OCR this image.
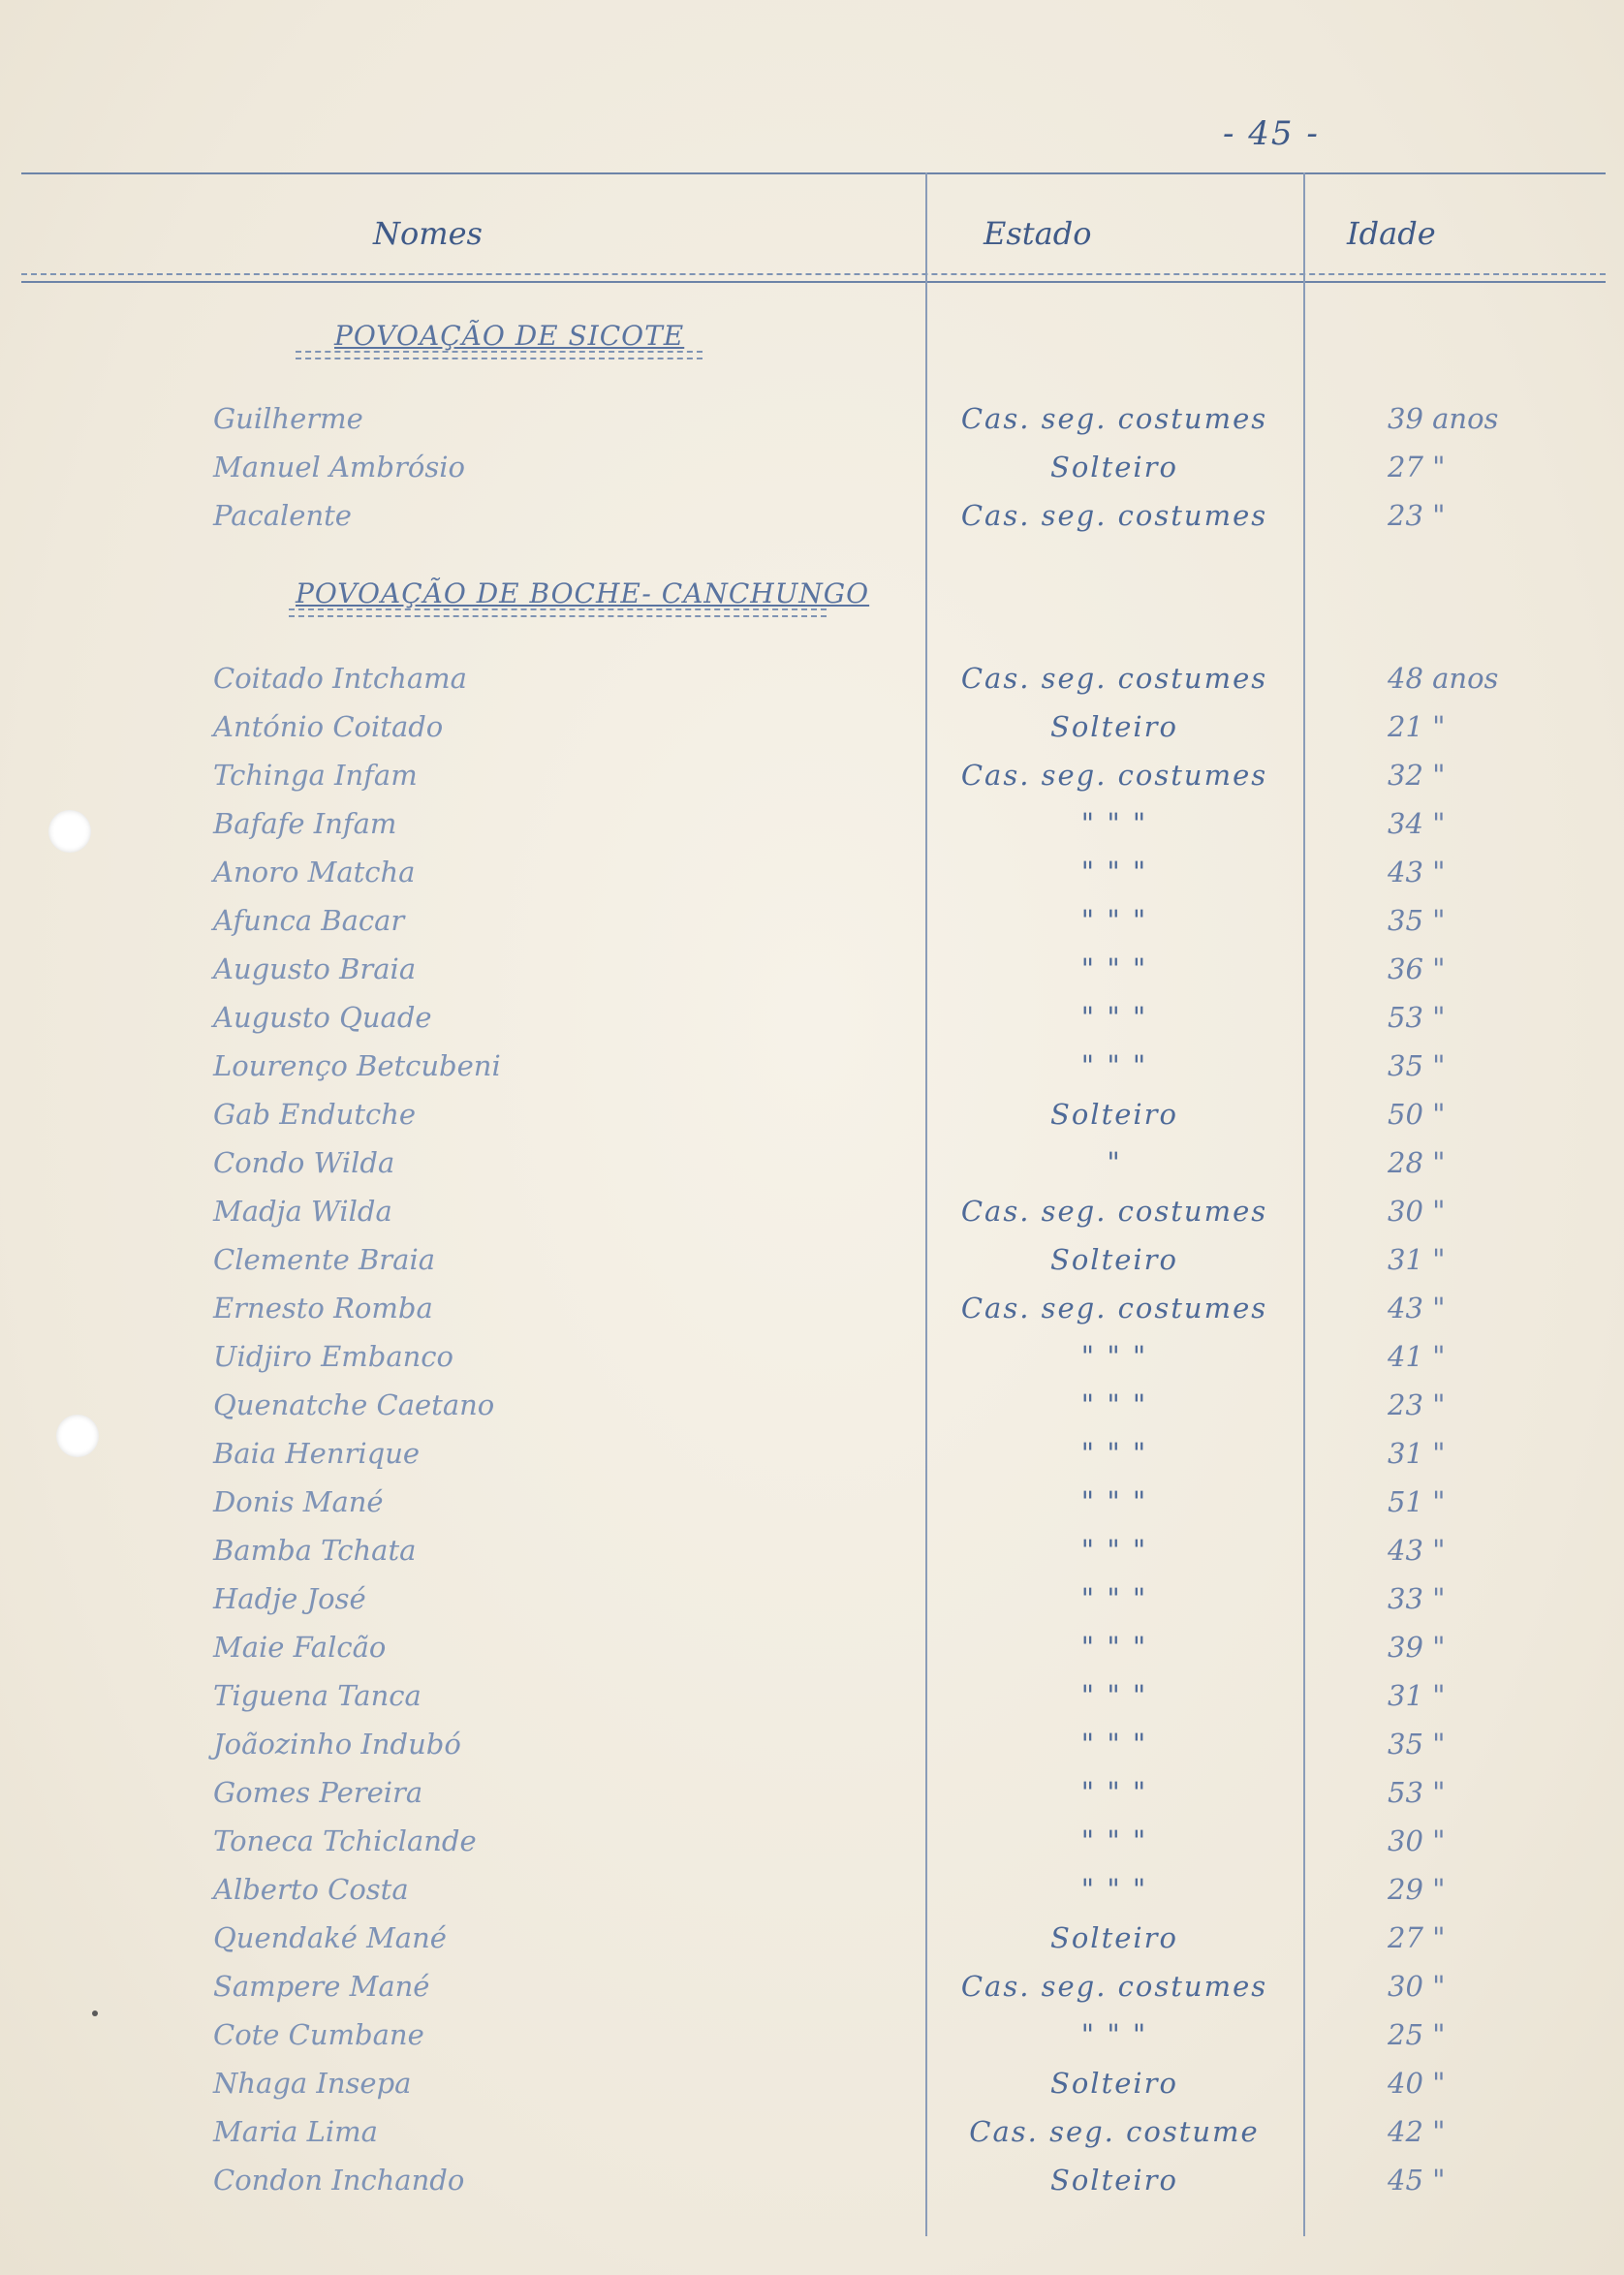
- 45 -
Nomes	Estado	Idade
POVOAÇÃO DE SICOTE
Guilherme	Cas. seg. costumes	39 anos
Manuel Ambrósio	Solteiro	27 "
Pacalente	Cas. seg. costumes	23 "
POVOAÇÃO DE BOCHE- CANCHUNGO
Coitado Intchama	Cas. seg. costumes	48 anos
António Coitado	Solteiro	21 "
Tchinga Infam	Cas. seg. costumes	32 "
Bafafe Infam	" " "	34 "
Anoro Matcha	" " "	43 "
Afunca Bacar	" " "	35 "
Augusto Braia	" " "	36 "
Augusto Quade	" " "	53 "
Lourenço Betcubeni	" " "	35 "
Gab Endutche	Solteiro	50 "
Condo Wilda	"	28 "
Madja Wilda	Cas. seg. costumes	30 "
Clemente Braia	Solteiro	31 "
Ernesto Romba	Cas. seg. costumes	43 "
Uidjiro Embanco	" " "	41 "
Quenatche Caetano	" " "	23 "
Baia Henrique	" " "	31 "
Donis Mané	" " "	51 "
Bamba Tchata	" " "	43 "
Hadje José	" " "	33 "
Maie Falcão	" " "	39 "
Tiguena Tanca	" " "	31 "
Joãozinho Indubó	" " "	35 "
Gomes Pereira	" " "	53 "
Toneca Tchiclande	" " "	30 "
Alberto Costa	" " "	29 "
Quendaké Mané	Solteiro	27 "
Sampere Mané	Cas. seg. costumes	30 "
Cote Cumbane	" " "	25 "
Nhaga Insepa	Solteiro	40 "
Maria Lima	Cas. seg. costume	42 "
Condon Inchando	Solteiro	45 "
